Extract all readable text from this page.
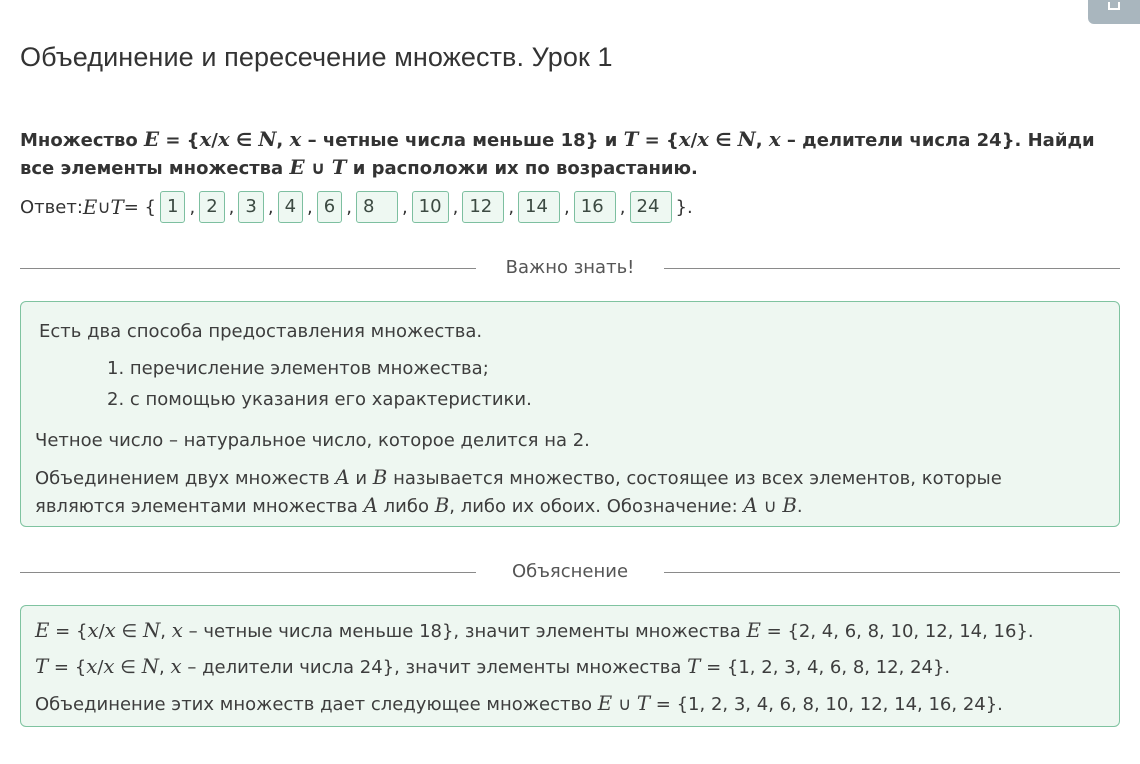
Объединение и пересечение множеств. Урок 1
Множество E = {x/x ∈ N, x – четные числа меньше 18} и T = {x/x ∈ N, x – делители числа 24}. Найди все элементы множества E ∪ T и расположи их по возрастанию.
Ответ: E ∪ T = { 1 , 2 , 3 , 4 , 6 , 8	, 10 , 12 , 14 , 16 , 24 }.
Важно знать!
Есть два способа предоставления множества.
1. перечисление элементов множества;
2. с помощью указания его характеристики.
Четное число – натуральное число, которое делится на 2.
Объединением двух множеств A и B называется множество, состоящее из всех элементов, которые являются элементами множества A либо B, либо их обоих. Обозначение: A ∪ B.
Объяснение
E = {x/x ∈ N, x – четные числа меньше 18}, значит элементы множества E = {2, 4, 6, 8, 10, 12, 14, 16}.
T = {x/x ∈ N, x – делители числа 24}, значит элементы множества T = {1, 2, 3, 4, 6, 8, 12, 24}.
Объединение этих множеств дает следующее множество E ∪ T = {1, 2, 3, 4, 6, 8, 10, 12, 14, 16, 24}.
